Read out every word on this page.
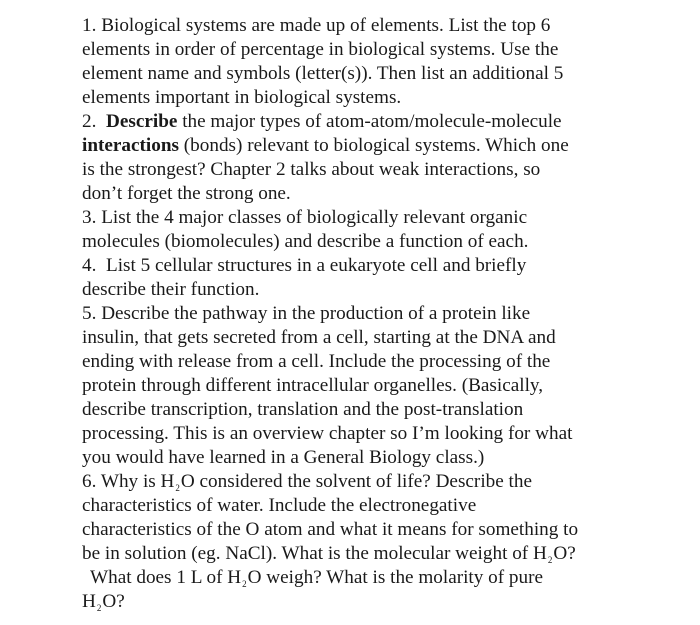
1. Biological systems are made up of elements. List the top 6
elements in order of percentage in biological systems. Use the
element name and symbols (letter(s)). Then list an additional 5
elements important in biological systems.
2. Describe the major types of atom-atom/molecule-molecule
interactions (bonds) relevant to biological systems. Which one
is the strongest? Chapter 2 talks about weak interactions, so
don’t forget the strong one.
3. List the 4 major classes of biologically relevant organic
molecules (biomolecules) and describe a function of each.
4. List 5 cellular structures in a eukaryote cell and briefly
describe their function.
5. Describe the pathway in the production of a protein like
insulin, that gets secreted from a cell, starting at the DNA and
ending with release from a cell. Include the processing of the
protein through different intracellular organelles. (Basically,
describe transcription, translation and the post-translation
processing. This is an overview chapter so I’m looking for what
you would have learned in a General Biology class.)
6. Why is $H_2O$ considered the solvent of life? Describe the
characteristics of water. Include the electronegative
characteristics of the O atom and what it means for something to
be in solution (eg. NaCl). What is the molecular weight of $H_2O$?
What does 1 L of $H_2O$ weigh? What is the molarity of pure
$H_2O$?
